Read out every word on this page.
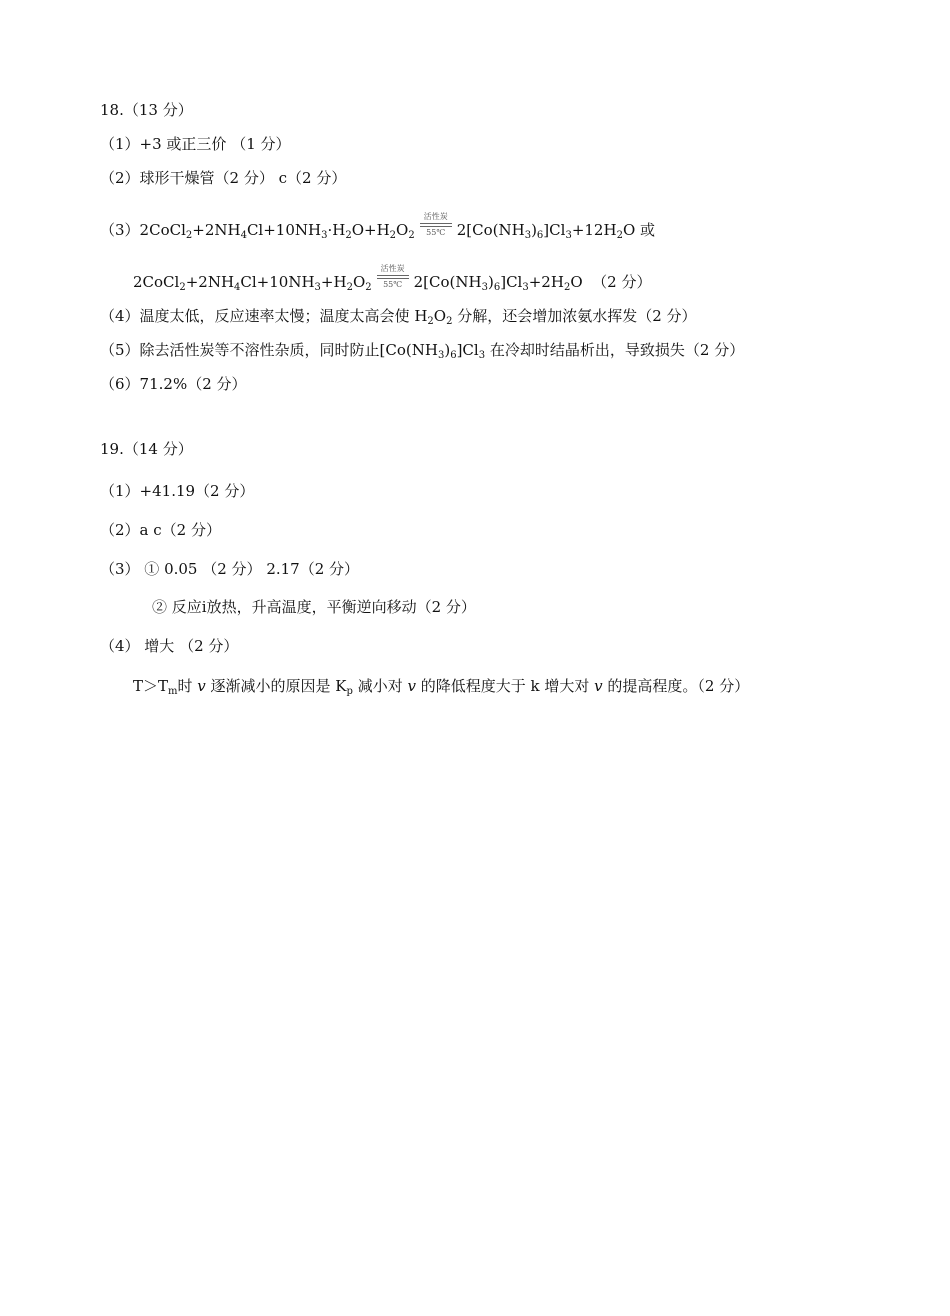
18.（13 分）
（1）+3 或正三价 （1 分）
（2）球形干燥管（2 分） c（2 分）
$(3)2CoCl_2+2NH_4Cl+10NH_3\cdot H_2O+H_2O_2$
活性炭
55℃ $2[Co(NH_3)_6]Cl_3+12H_2O$ 或
$2CoCl_2+2NH_4Cl+10NH_3+H_2O_2$
活性炭
55℃ $2[Co(NH_3)_6]Cl_3+2H_2O$  （2 分）
（4）温度太低，反应速率太慢；温度太高会使 $H_2O_2$ 分解，还会增加浓氨水挥发（2 分）
（5）除去活性炭等不溶性杂质，同时防止$[Co(NH_3)_6]Cl_3$ 在冷却时结晶析出，导致损失（2 分）
（6）71.2%（2 分）
19.（14 分）
（1）+41.19（2 分）
（2）a c（2 分）
（3） ① 0.05 （2 分） 2.17（2 分）
② 反应i放热，升高温度，平衡逆向移动（2 分）
（4） 增大 （2 分）
$T>T_m$时 v 逐渐减小的原因是 $K_p$ 减小对 v 的降低程度大于 k 增大对 v 的提高程度。（2 分）
